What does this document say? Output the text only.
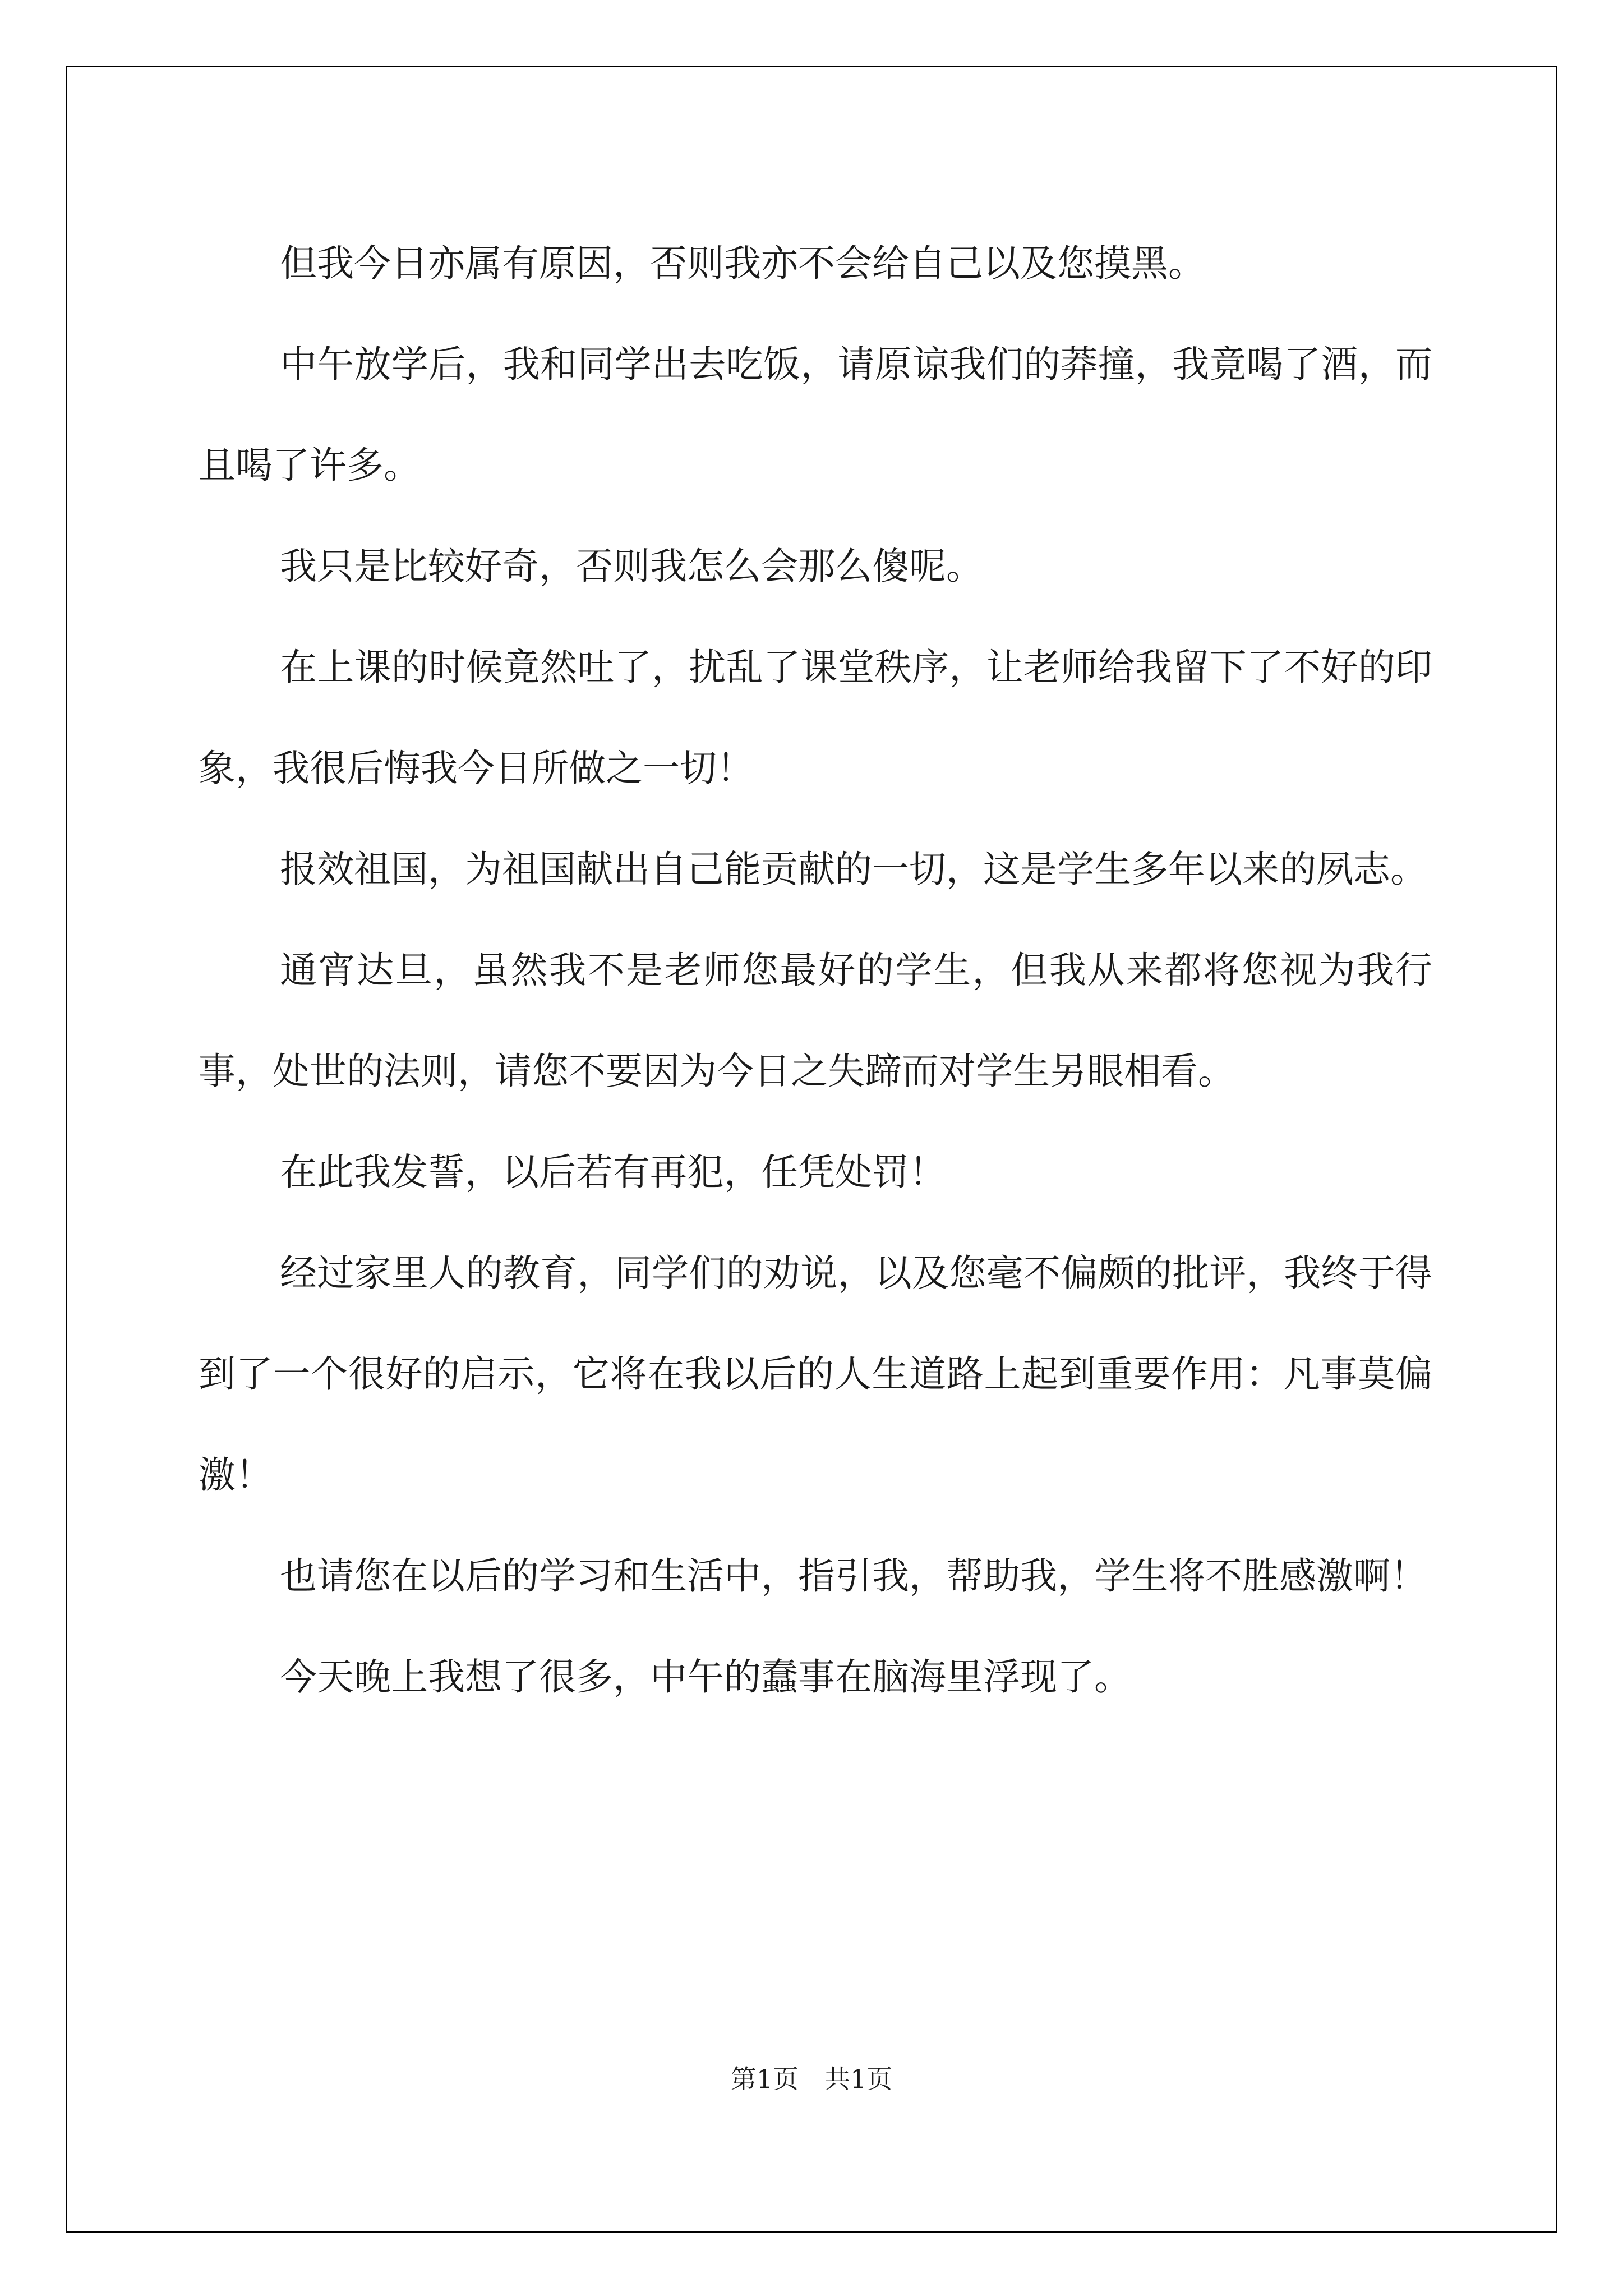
但我今日亦属有原因，否则我亦不会给自己以及您摸黑。

中午放学后，我和同学出去吃饭，请原谅我们的莽撞，我竟喝了酒，而且喝了许多。

我只是比较好奇，否则我怎么会那么傻呢。

在上课的时候竟然吐了，扰乱了课堂秩序，让老师给我留下了不好的印象，我很后悔我今日所做之一切！

报效祖国，为祖国献出自己能贡献的一切，这是学生多年以来的夙志。

通宵达旦，虽然我不是老师您最好的学生，但我从来都将您视为我行事，处世的法则，请您不要因为今日之失蹄而对学生另眼相看。

在此我发誓，以后若有再犯，任凭处罚！

经过家里人的教育，同学们的劝说，以及您毫不偏颇的批评，我终于得到了一个很好的启示，它将在我以后的人生道路上起到重要作用：凡事莫偏激！

也请您在以后的学习和生活中，指引我，帮助我，学生将不胜感激啊！

今天晚上我想了很多，中午的蠢事在脑海里浮现了。

第1页　共1页
